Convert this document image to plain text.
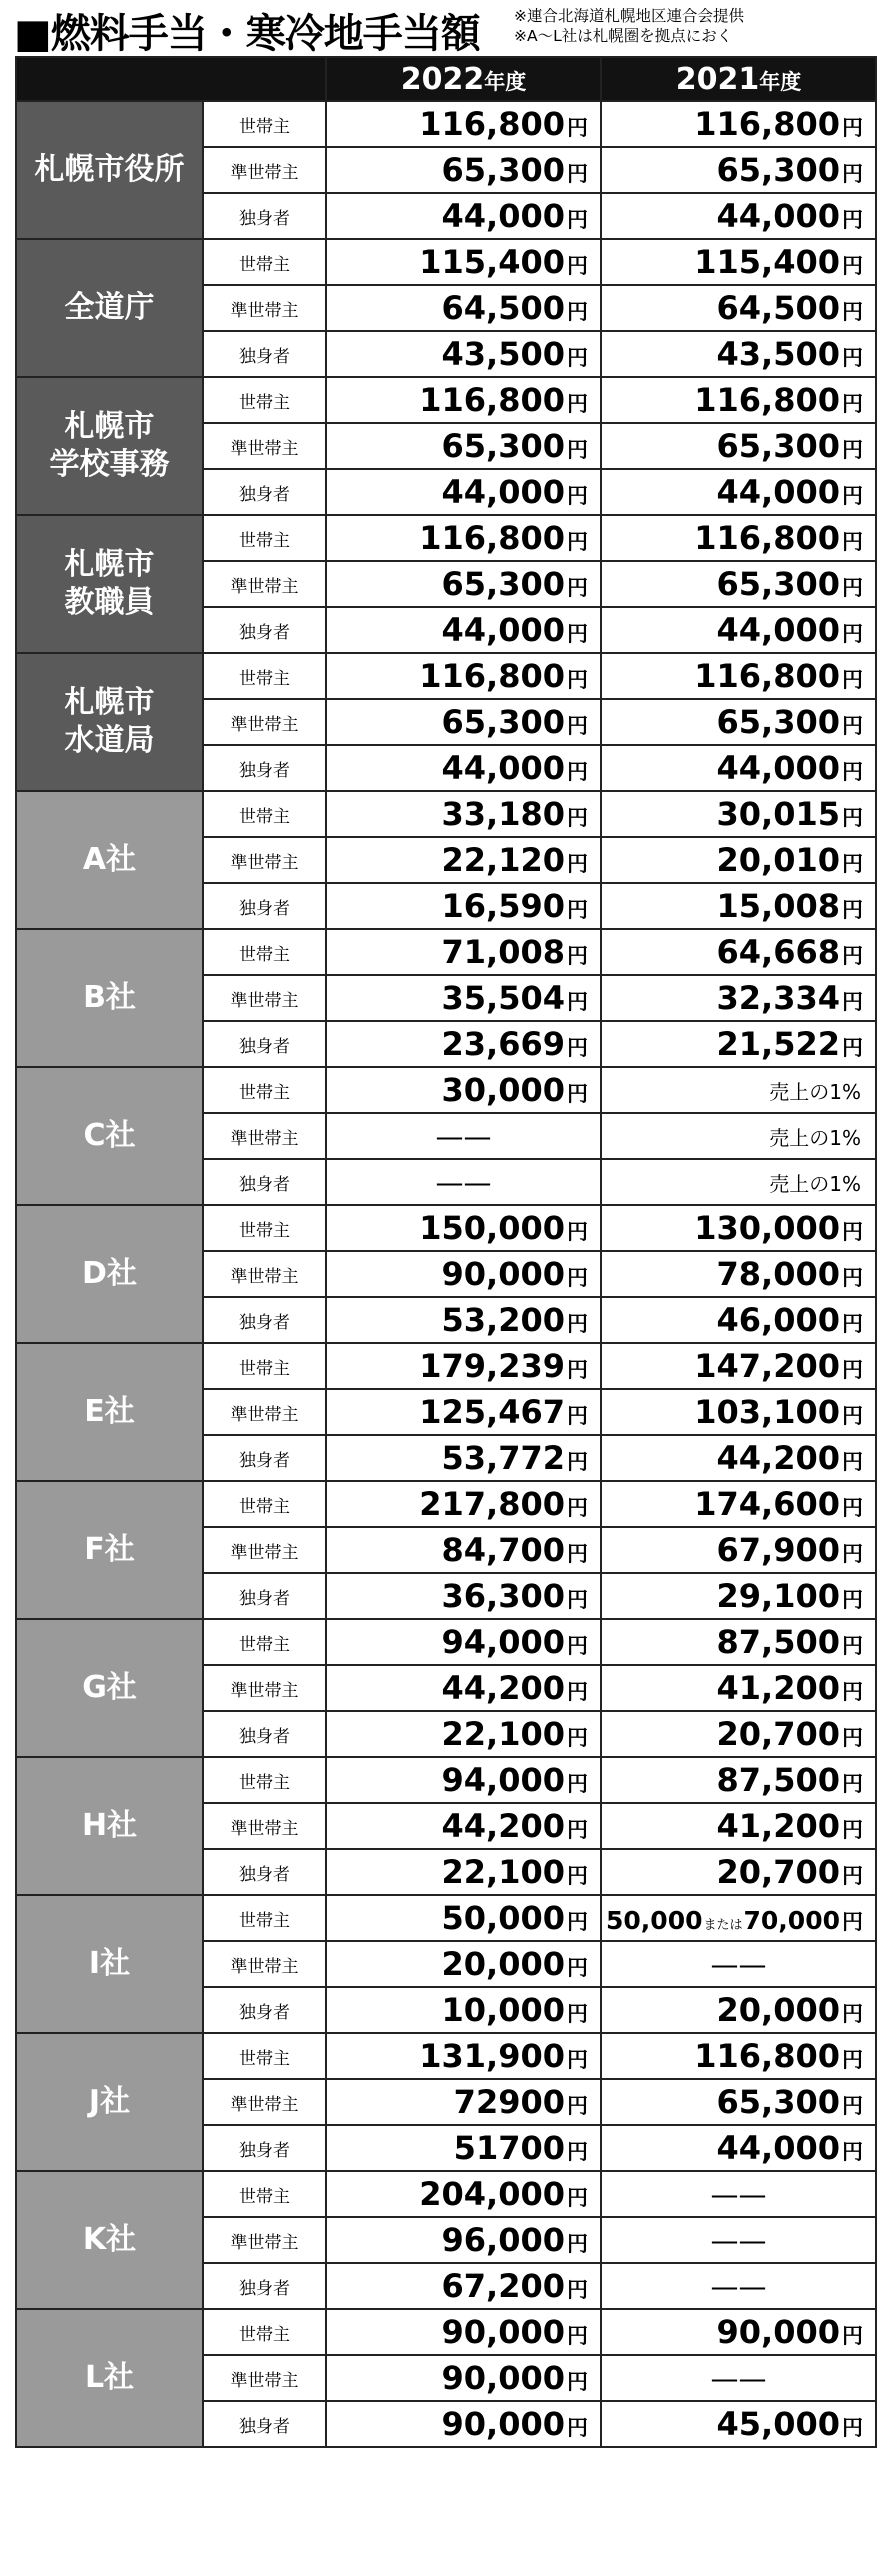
■燃料手当・寒冷地手当額 ※連合北海道札幌地区連合会提供
※A〜L社は札幌圏を拠点におく
		2022年度	2021年度
札幌市役所	世帯主	116,800円	116,800円
	準世帯主	65,300円	65,300円
	独身者	44,000円	44,000円
全道庁	世帯主	115,400円	115,400円
	準世帯主	64,500円	64,500円
	独身者	43,500円	43,500円
札幌市
学校事務	世帯主	116,800円	116,800円
	準世帯主	65,300円	65,300円
	独身者	44,000円	44,000円
札幌市
教職員	世帯主	116,800円	116,800円
	準世帯主	65,300円	65,300円
	独身者	44,000円	44,000円
札幌市
水道局	世帯主	116,800円	116,800円
	準世帯主	65,300円	65,300円
	独身者	44,000円	44,000円
A社	世帯主	33,180円	30,015円
	準世帯主	22,120円	20,010円
	独身者	16,590円	15,008円
B社	世帯主	71,008円	64,668円
	準世帯主	35,504円	32,334円
	独身者	23,669円	21,522円
C社	世帯主	30,000円	売上の1%
	準世帯主	——	売上の1%
	独身者	——	売上の1%
D社	世帯主	150,000円	130,000円
	準世帯主	90,000円	78,000円
	独身者	53,200円	46,000円
E社	世帯主	179,239円	147,200円
	準世帯主	125,467円	103,100円
	独身者	53,772円	44,200円
F社	世帯主	217,800円	174,600円
	準世帯主	84,700円	67,900円
	独身者	36,300円	29,100円
G社	世帯主	94,000円	87,500円
	準世帯主	44,200円	41,200円
	独身者	22,100円	20,700円
H社	世帯主	94,000円	87,500円
	準世帯主	44,200円	41,200円
	独身者	22,100円	20,700円
I社	世帯主	50,000円	50,000または70,000円
	準世帯主	20,000円	——
	独身者	10,000円	20,000円
J社	世帯主	131,900円	116,800円
	準世帯主	72900円	65,300円
	独身者	51700円	44,000円
K社	世帯主	204,000円	——
	準世帯主	96,000円	——
	独身者	67,200円	——
L社	世帯主	90,000円	90,000円
	準世帯主	90,000円	——
	独身者	90,000円	45,000円
